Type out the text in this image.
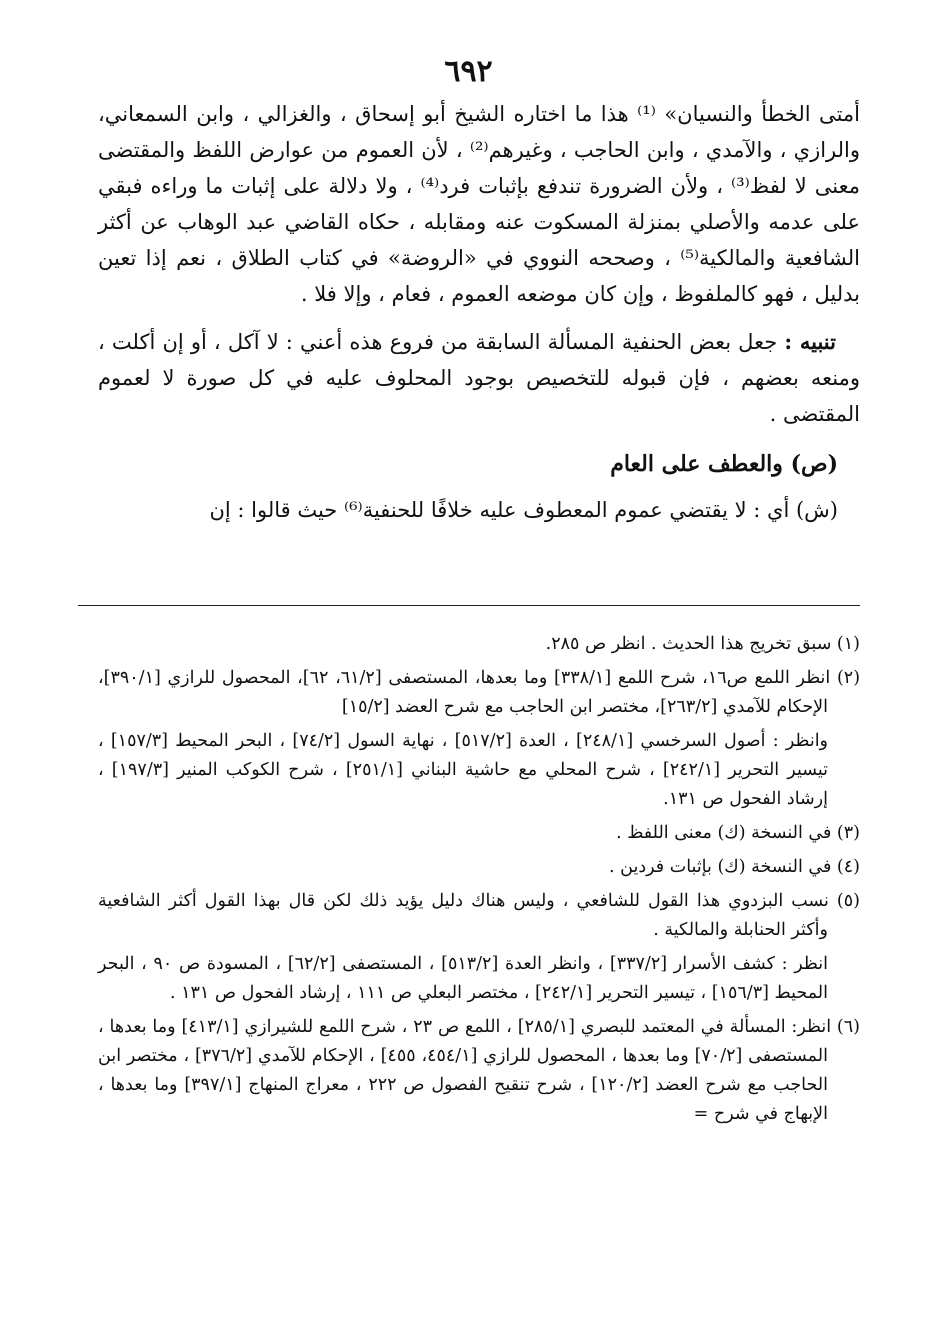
٦٩٢

أمتى الخطأ والنسيان» ⁽¹⁾ هذا ما اختاره الشيخ أبو إسحاق ، والغزالي ، وابن السمعاني، والرازي ، والآمدي ، وابن الحاجب ، وغيرهم⁽²⁾ ، لأن العموم من عوارض اللفظ والمقتضى معنى لا لفظ⁽³⁾ ، ولأن الضرورة تندفع بإثبات فرد⁽⁴⁾ ، ولا دلالة على إثبات ما وراءه فبقي على عدمه والأصلي بمنزلة المسكوت عنه ومقابله ، حكاه القاضي عبد الوهاب عن أكثر الشافعية والمالكية⁽⁵⁾ ، وصححه النووي في «الروضة» في كتاب الطلاق ، نعم إذا تعين بدليل ، فهو كالملفوظ ، وإن كان موضعه العموم ، فعام ، وإلا فلا .

تنبيه : جعل بعض الحنفية المسألة السابقة من فروع هذه أعني : لا آكل ، أو إن أكلت ، ومنعه بعضهم ، فإن قبوله للتخصيص بوجود المحلوف عليه في كل صورة لا لعموم المقتضى .

(ص) والعطف على العام

(ش) أي : لا يقتضي عموم المعطوف عليه خلافًا للحنفية⁽⁶⁾ حيث قالوا : إن

(١) سبق تخريج هذا الحديث . انظر ص ٢٨٥.

(٢) انظر اللمع ص١٦، شرح اللمع [٣٣٨/١] وما بعدها، المستصفى [٦١/٢، ٦٢]، المحصول للرازي [٣٩٠/١]، الإحكام للآمدي [٢٦٣/٢]، مختصر ابن الحاجب مع شرح العضد [١٥/٢]

وانظر : أصول السرخسي [٢٤٨/١] ، العدة [٥١٧/٢] ، نهاية السول [٧٤/٢] ، البحر المحيط [١٥٧/٣] ، تيسير التحرير [٢٤٢/١] ، شرح المحلي مع حاشية البناني [٢٥١/١] ، شرح الكوكب المنير [١٩٧/٣] ، إرشاد الفحول ص ١٣١.

(٣) في النسخة (ك) معنى اللفظ .

(٤) في النسخة (ك) بإثبات فردين .

(٥) نسب البزدوي هذا القول للشافعي ، وليس هناك دليل يؤيد ذلك لكن قال بهذا القول أكثر الشافعية وأكثر الحنابلة والمالكية .

انظر : كشف الأسرار [٣٣٧/٢] ، وانظر العدة [٥١٣/٢] ، المستصفى [٦٢/٢] ، المسودة ص ٩٠ ، البحر المحيط [١٥٦/٣] ، تيسير التحرير [٢٤٢/١] ، مختصر البعلي ص ١١١ ، إرشاد الفحول ص ١٣١ .

(٦) انظر: المسألة في المعتمد للبصري [٢٨٥/١] ، اللمع ص ٢٣ ، شرح اللمع للشيرازي [٤١٣/١] وما بعدها ، المستصفى [٧٠/٢] وما بعدها ، المحصول للرازي [٤٥٤/١، ٤٥٥] ، الإحكام للآمدي [٣٧٦/٢] ، مختصر ابن الحاجب مع شرح العضد [١٢٠/٢] ، شرح تنقيح الفصول ص ٢٢٢ ، معراج المنهاج [٣٩٧/١] وما بعدها ، الإبهاج في شرح =
